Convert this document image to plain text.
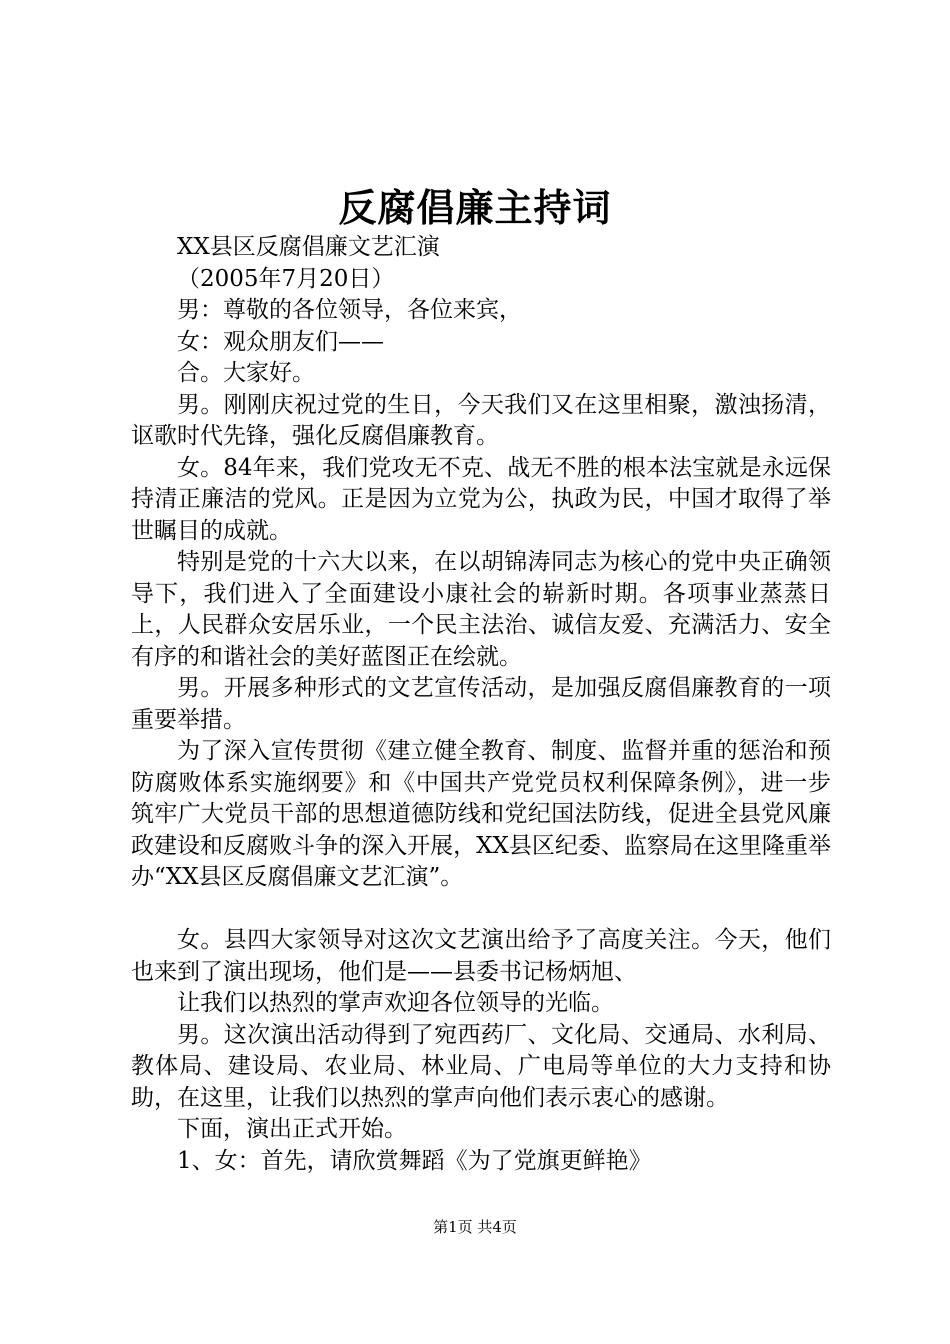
反腐倡廉主持词

XX县区反腐倡廉文艺汇演

（2005年7月20日）

男：尊敬的各位领导，各位来宾，

女：观众朋友们——

合。大家好。

男。刚刚庆祝过党的生日，今天我们又在这里相聚，激浊扬清，讴歌时代先锋，强化反腐倡廉教育。

女。84年来，我们党攻无不克、战无不胜的根本法宝就是永远保持清正廉洁的党风。正是因为立党为公，执政为民，中国才取得了举世瞩目的成就。

特别是党的十六大以来，在以胡锦涛同志为核心的党中央正确领导下，我们进入了全面建设小康社会的崭新时期。各项事业蒸蒸日上，人民群众安居乐业，一个民主法治、诚信友爱、充满活力、安全有序的和谐社会的美好蓝图正在绘就。

男。开展多种形式的文艺宣传活动，是加强反腐倡廉教育的一项重要举措。

为了深入宣传贯彻《建立健全教育、制度、监督并重的惩治和预防腐败体系实施纲要》和《中国共产党党员权利保障条例》，进一步筑牢广大党员干部的思想道德防线和党纪国法防线，促进全县党风廉政建设和反腐败斗争的深入开展，XX县区纪委、监察局在这里隆重举办“XX县区反腐倡廉文艺汇演”。

女。县四大家领导对这次文艺演出给予了高度关注。今天，他们也来到了演出现场，他们是——县委书记杨炳旭、

让我们以热烈的掌声欢迎各位领导的光临。

男。这次演出活动得到了宛西药厂、文化局、交通局、水利局、教体局、建设局、农业局、林业局、广电局等单位的大力支持和协助，在这里，让我们以热烈的掌声向他们表示衷心的感谢。

下面，演出正式开始。

1、女：首先，请欣赏舞蹈《为了党旗更鲜艳》

第1页 共4页
